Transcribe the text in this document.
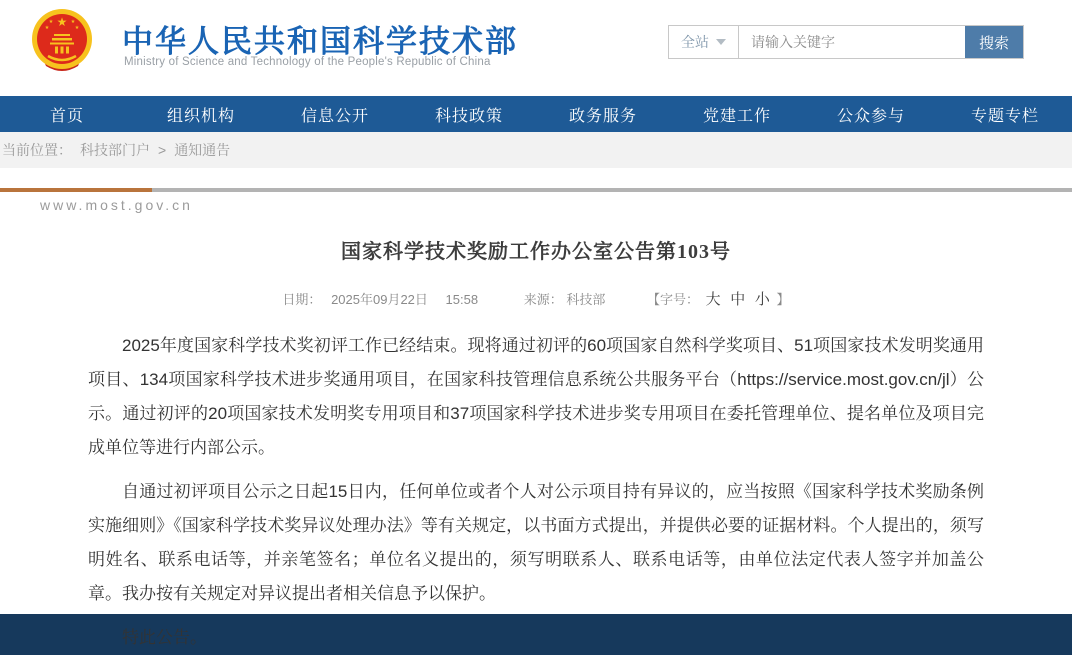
★
★	★
★	★ 中华人民共和国科学技术部
Ministry of Science and Technology of the People's Republic of China
全站
请输入关键字	搜索
首页	组织机构	信息公开	科技政策	政务服务	党建工作	公众参与	专题专栏
当前位置： 科技部门户 > 通知通告
www.most.gov.cn
国家科学技术奖励工作办公室公告第103号
日期： 2025年09月22日 15:58	来源： 科技部	【字号： 大 中 小 】

2025年度国家科学技术奖初评工作已经结束。现将通过初评的60项国家自然科学奖项目、51项国家技术发明奖通用项目、134项国家科学技术进步奖通用项目，在国家科技管理信息系统公共服务平台（https://service.most.gov.cn/jl）公示。通过初评的20项国家技术发明奖专用项目和37项国家科学技术进步奖专用项目在委托管理单位、提名单位及项目完成单位等进行内部公示。

自通过初评项目公示之日起15日内，任何单位或者个人对公示项目持有异议的，应当按照《国家科学技术奖励条例实施细则》《国家科学技术奖异议处理办法》等有关规定，以书面方式提出，并提供必要的证据材料。个人提出的，须写明姓名、联系电话等，并亲笔签名；单位名义提出的，须写明联系人、联系电话等，由单位法定代表人签字并加盖公章。我办按有关规定对异议提出者相关信息予以保护。

特此公告。
